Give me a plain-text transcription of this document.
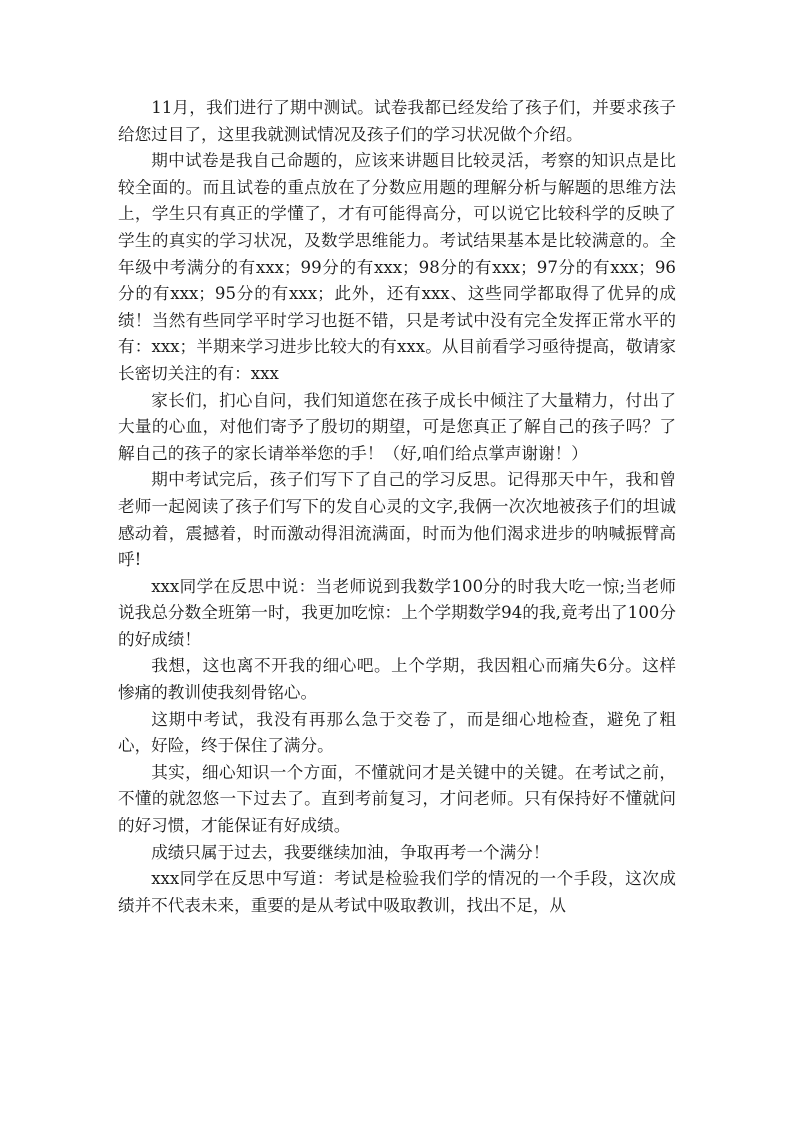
11月，我们进行了期中测试。试卷我都已经发给了孩子们，并要求孩子给您过目了，这里我就测试情况及孩子们的学习状况做个介绍。

期中试卷是我自己命题的，应该来讲题目比较灵活，考察的知识点是比较全面的。而且试卷的重点放在了分数应用题的理解分析与解题的思维方法上，学生只有真正的学懂了，才有可能得高分，可以说它比较科学的反映了学生的真实的学习状况，及数学思维能力。考试结果基本是比较满意的。全年级中考满分的有xxx；99分的有xxx；98分的有xxx；97分的有xxx；96分的有xxx；95分的有xxx；此外，还有xxx、这些同学都取得了优异的成绩！当然有些同学平时学习也挺不错，只是考试中没有完全发挥正常水平的有：xxx；半期来学习进步比较大的有xxx。从目前看学习亟待提高，敬请家长密切关注的有：xxx

家长们，扪心自问，我们知道您在孩子成长中倾注了大量精力，付出了大量的心血，对他们寄予了殷切的期望，可是您真正了解自己的孩子吗？了解自己的孩子的家长请举举您的手！（好,咱们给点掌声谢谢！）

期中考试完后，孩子们写下了自己的学习反思。记得那天中午，我和曾老师一起阅读了孩子们写下的发自心灵的文字,我俩一次次地被孩子们的坦诚感动着，震撼着，时而激动得泪流满面，时而为他们渴求进步的呐喊振臂高呼!

xxx同学在反思中说：当老师说到我数学100分的时我大吃一惊;当老师说我总分数全班第一时，我更加吃惊：上个学期数学94的我,竟考出了100分的好成绩！

我想，这也离不开我的细心吧。上个学期，我因粗心而痛失6分。这样惨痛的教训使我刻骨铭心。

这期中考试，我没有再那么急于交卷了，而是细心地检查，避免了粗心，好险，终于保住了满分。

其实，细心知识一个方面，不懂就问才是关键中的关键。在考试之前，不懂的就忽悠一下过去了。直到考前复习，才问老师。只有保持好不懂就问的好习惯，才能保证有好成绩。

成绩只属于过去，我要继续加油，争取再考一个满分！

xxx同学在反思中写道：考试是检验我们学的情况的一个手段，这次成绩并不代表未来，重要的是从考试中吸取教训，找出不足，从
